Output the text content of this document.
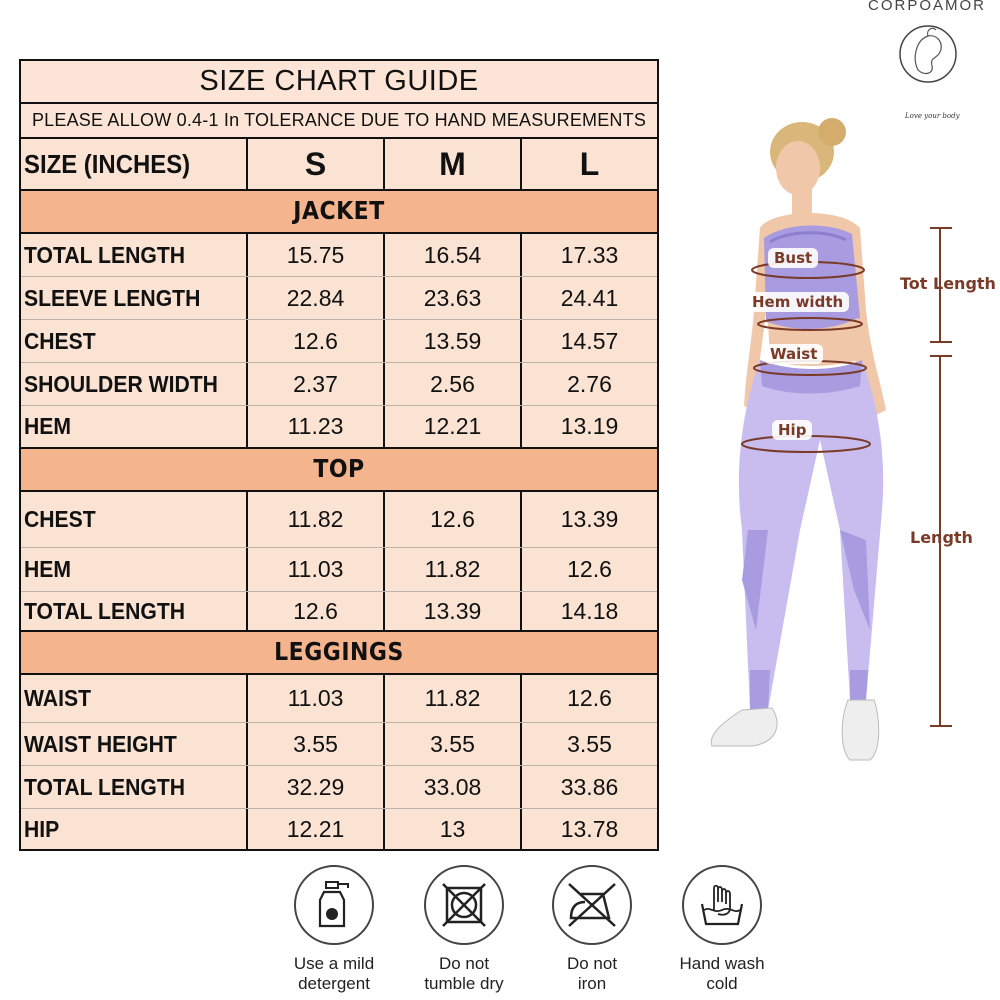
SIZE CHART GUIDE
PLEASE ALLOW 0.4-1 In TOLERANCE DUE TO HAND MEASUREMENTS
SIZE (INCHES)	S	M	L
JACKET
TOTAL LENGTH	15.75	16.54	17.33
SLEEVE LENGTH	22.84	23.63	24.41
CHEST	12.6	13.59	14.57
SHOULDER WIDTH	2.37	2.56	2.76
HEM	11.23	12.21	13.19
TOP
CHEST	11.82	12.6	13.39
HEM	11.03	11.82	12.6
TOTAL LENGTH	12.6	13.39	14.18
LEGGINGS
WAIST	11.03	11.82	12.6
WAIST HEIGHT	3.55	3.55	3.55
TOTAL LENGTH	32.29	33.08	33.86
HIP	12.21	13	13.78
CORPOAMOR
Love your body
Bust
Hem width
Waist
Hip
Tot Length
Length
Use a mild
detergent
Do not
tumble dry
Do not
iron
Hand wash
cold
